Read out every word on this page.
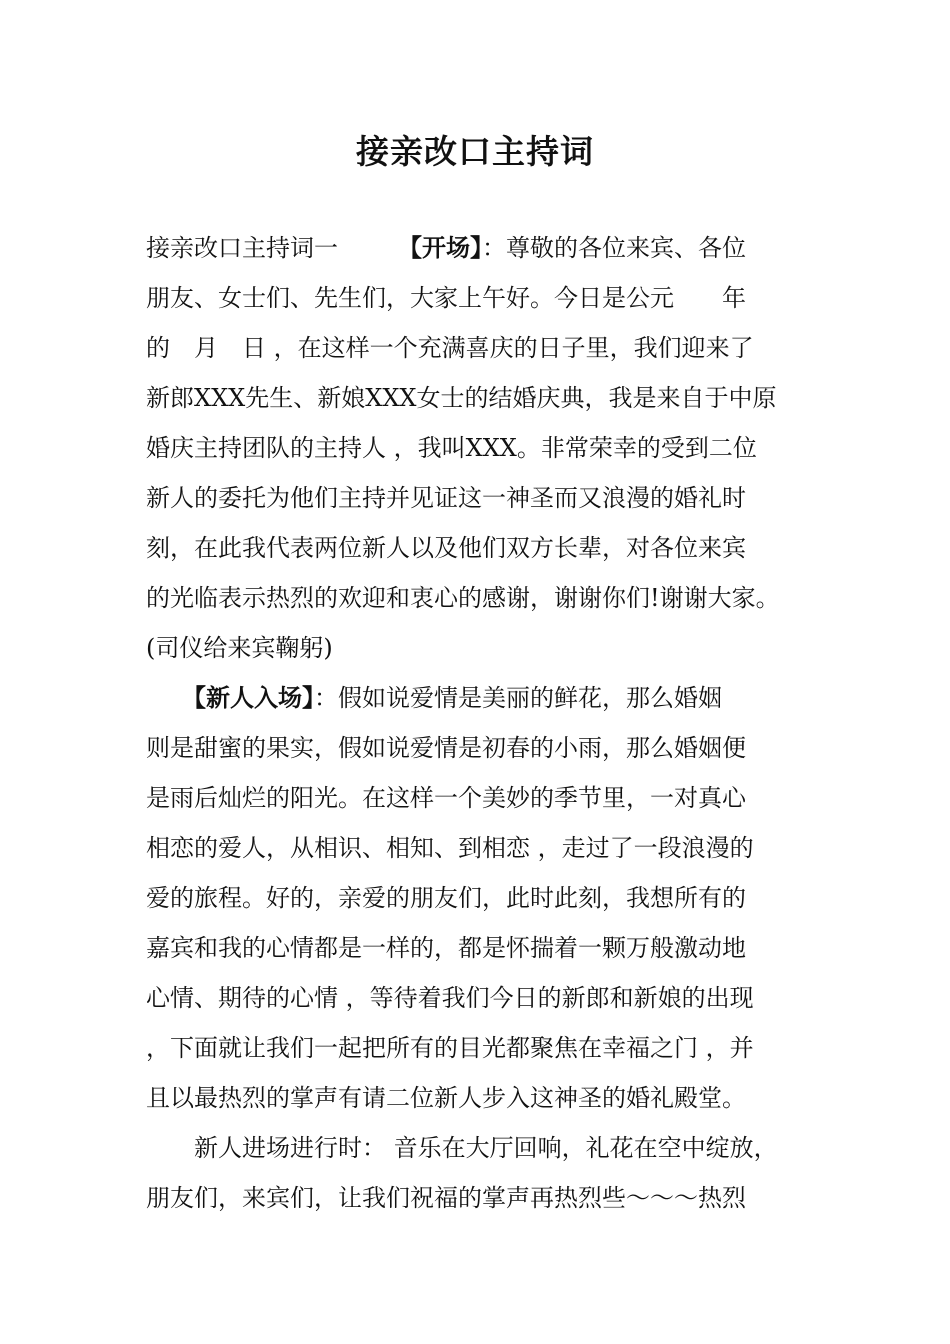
接亲改口主持词
接亲改口主持词一　　　【开场】：尊敬的各位来宾、各位
朋友、女士们、先生们，大家上午好。今日是公元　　年
的　月　日 ，在这样一个充满喜庆的日子里，我们迎来了
新郎XXX先生、新娘XXX女士的结婚庆典，我是来自于中原
婚庆主持团队的主持人 ，我叫XXX。非常荣幸的受到二位
新人的委托为他们主持并见证这一神圣而又浪漫的婚礼时
刻，在此我代表两位新人以及他们双方长辈，对各位来宾
的光临表示热烈的欢迎和衷心的感谢，谢谢你们!谢谢大家。
(司仪给来宾鞠躬)
　　【新人入场】：假如说爱情是美丽的鲜花，那么婚姻
则是甜蜜的果实，假如说爱情是初春的小雨，那么婚姻便
是雨后灿烂的阳光。在这样一个美妙的季节里，一对真心
相恋的爱人，从相识、相知、到相恋 ，走过了一段浪漫的
爱的旅程。好的，亲爱的朋友们，此时此刻，我想所有的
嘉宾和我的心情都是一样的，都是怀揣着一颗万般激动地
心情、期待的心情 ，等待着我们今日的新郎和新娘的出现
，下面就让我们一起把所有的目光都聚焦在幸福之门 ，并
且以最热烈的掌声有请二位新人步入这神圣的婚礼殿堂。
　　新人进场进行时： 音乐在大厅回响，礼花在空中绽放，
朋友们，来宾们，让我们祝福的掌声再热烈些～～～热烈
